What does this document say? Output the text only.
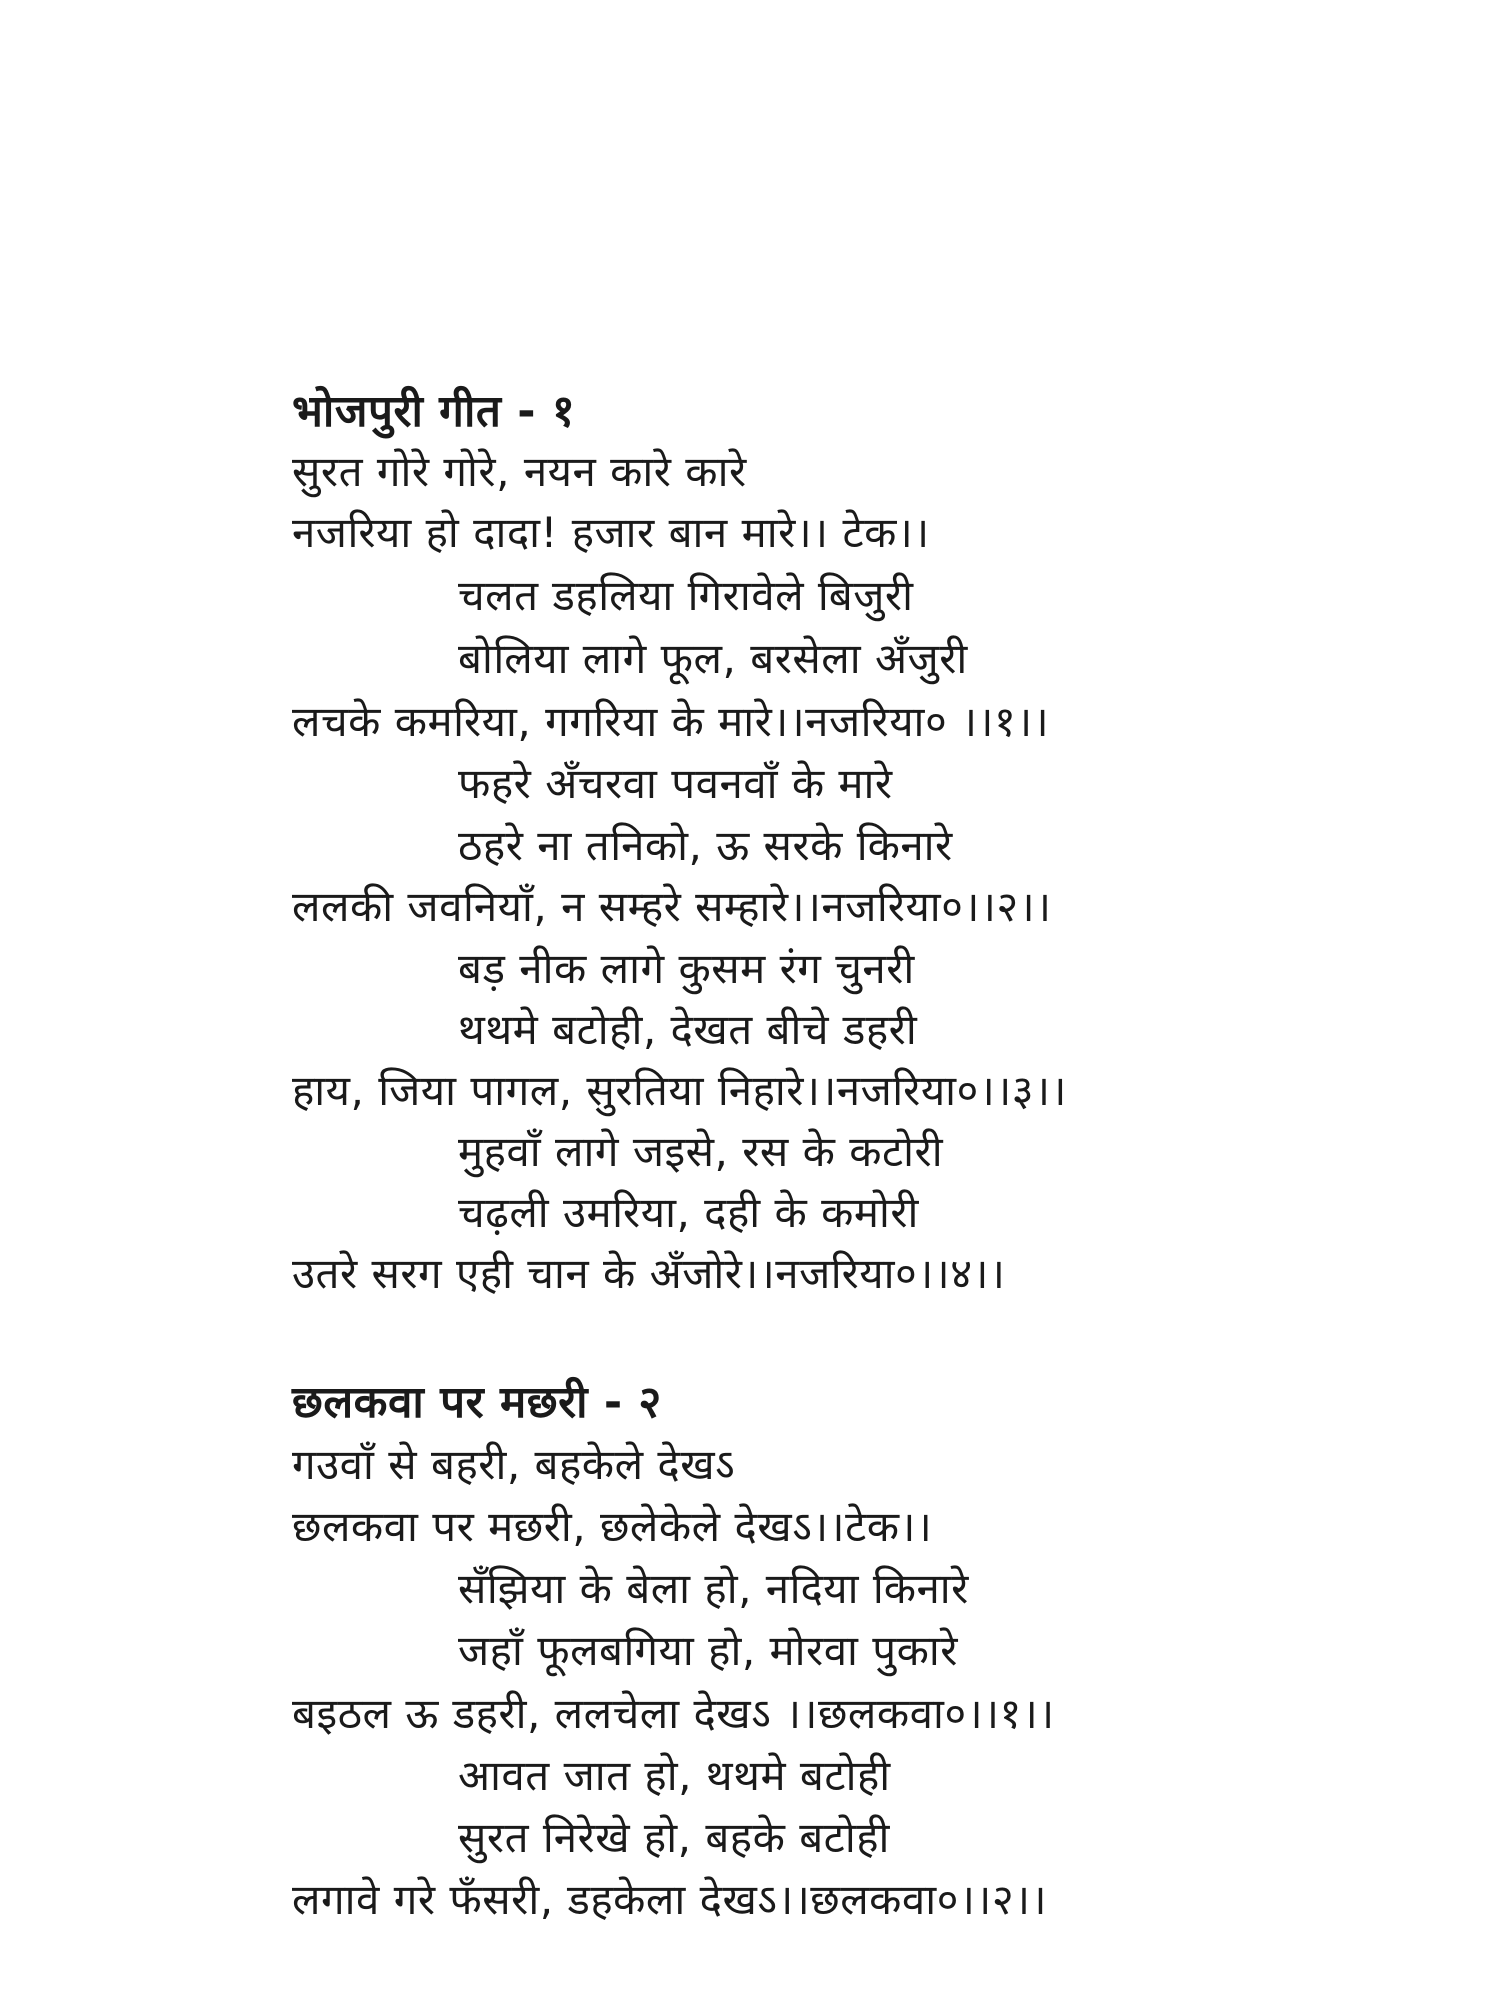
भोजपुरी गीत - १
सुरत गोरे गोरे, नयन कारे कारे
नजरिया हो दादा! हजार बान मारे।। टेक।।
चलत डहलिया गिरावेले बिजुरी
बोलिया लागे फूल, बरसेला अँजुरी
लचके कमरिया, गगरिया के मारे।।नजरिया० ।।१।।
फहरे अँचरवा पवनवाँ के मारे
ठहरे ना तनिको, ऊ सरके किनारे
ललकी जवनियाँ, न सम्हरे सम्हारे।।नजरिया०।।२।।
बड़ नीक लागे कुसम रंग चुनरी
थथमे बटोही, देखत बीचे डहरी
हाय, जिया पागल, सुरतिया निहारे।।नजरिया०।।३।।
मुहवाँ लागे जइसे, रस के कटोरी
चढ़ली उमरिया, दही के कमोरी
उतरे सरग एही चान के अँजोरे।।नजरिया०।।४।।
छलकवा पर मछरी - २
गउवाँ से बहरी, बहकेले देखऽ
छलकवा पर मछरी, छलेकेले देखऽ।।टेक।।
सँझिया के बेला हो, नदिया किनारे
जहाँ फूलबगिया हो, मोरवा पुकारे
बइठल ऊ डहरी, ललचेला देखऽ ।।छलकवा०।।१।।
आवत जात हो, थथमे बटोही
सुरत निरेखे हो, बहके बटोही
लगावे गरे फँसरी, डहकेला देखऽ।।छलकवा०।।२।।
